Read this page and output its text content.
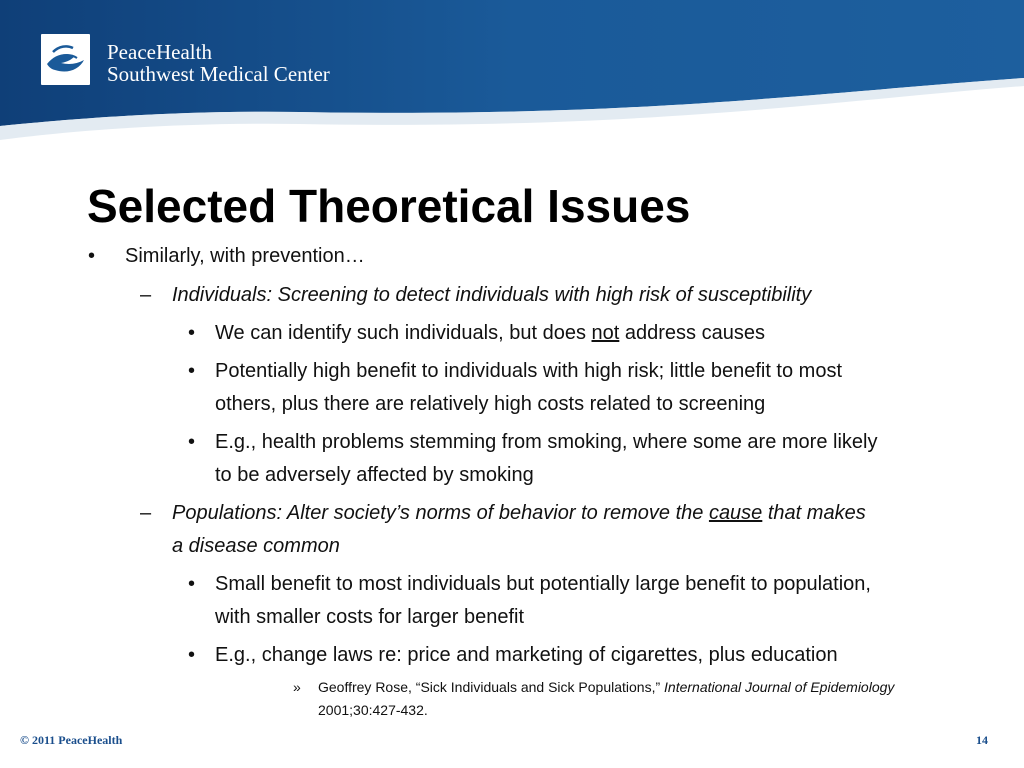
PeaceHealth
Southwest Medical Center
Selected Theoretical Issues
• Similarly, with prevention…
– Individuals: Screening to detect individuals with high risk of susceptibility
• We can identify such individuals, but does not address causes
• Potentially high benefit to individuals with high risk; little benefit to most
others, plus there are relatively high costs related to screening
• E.g., health problems stemming from smoking, where some are more likely
to be adversely affected by smoking
– Populations: Alter society’s norms of behavior to remove the cause that makes
a disease common
• Small benefit to most individuals but potentially large benefit to population,
with smaller costs for larger benefit
• E.g., change laws re: price and marketing of cigarettes, plus education
» Geoffrey Rose, “Sick Individuals and Sick Populations,” International Journal of Epidemiology
2001;30:427-432.
© 2011 PeaceHealth	14
